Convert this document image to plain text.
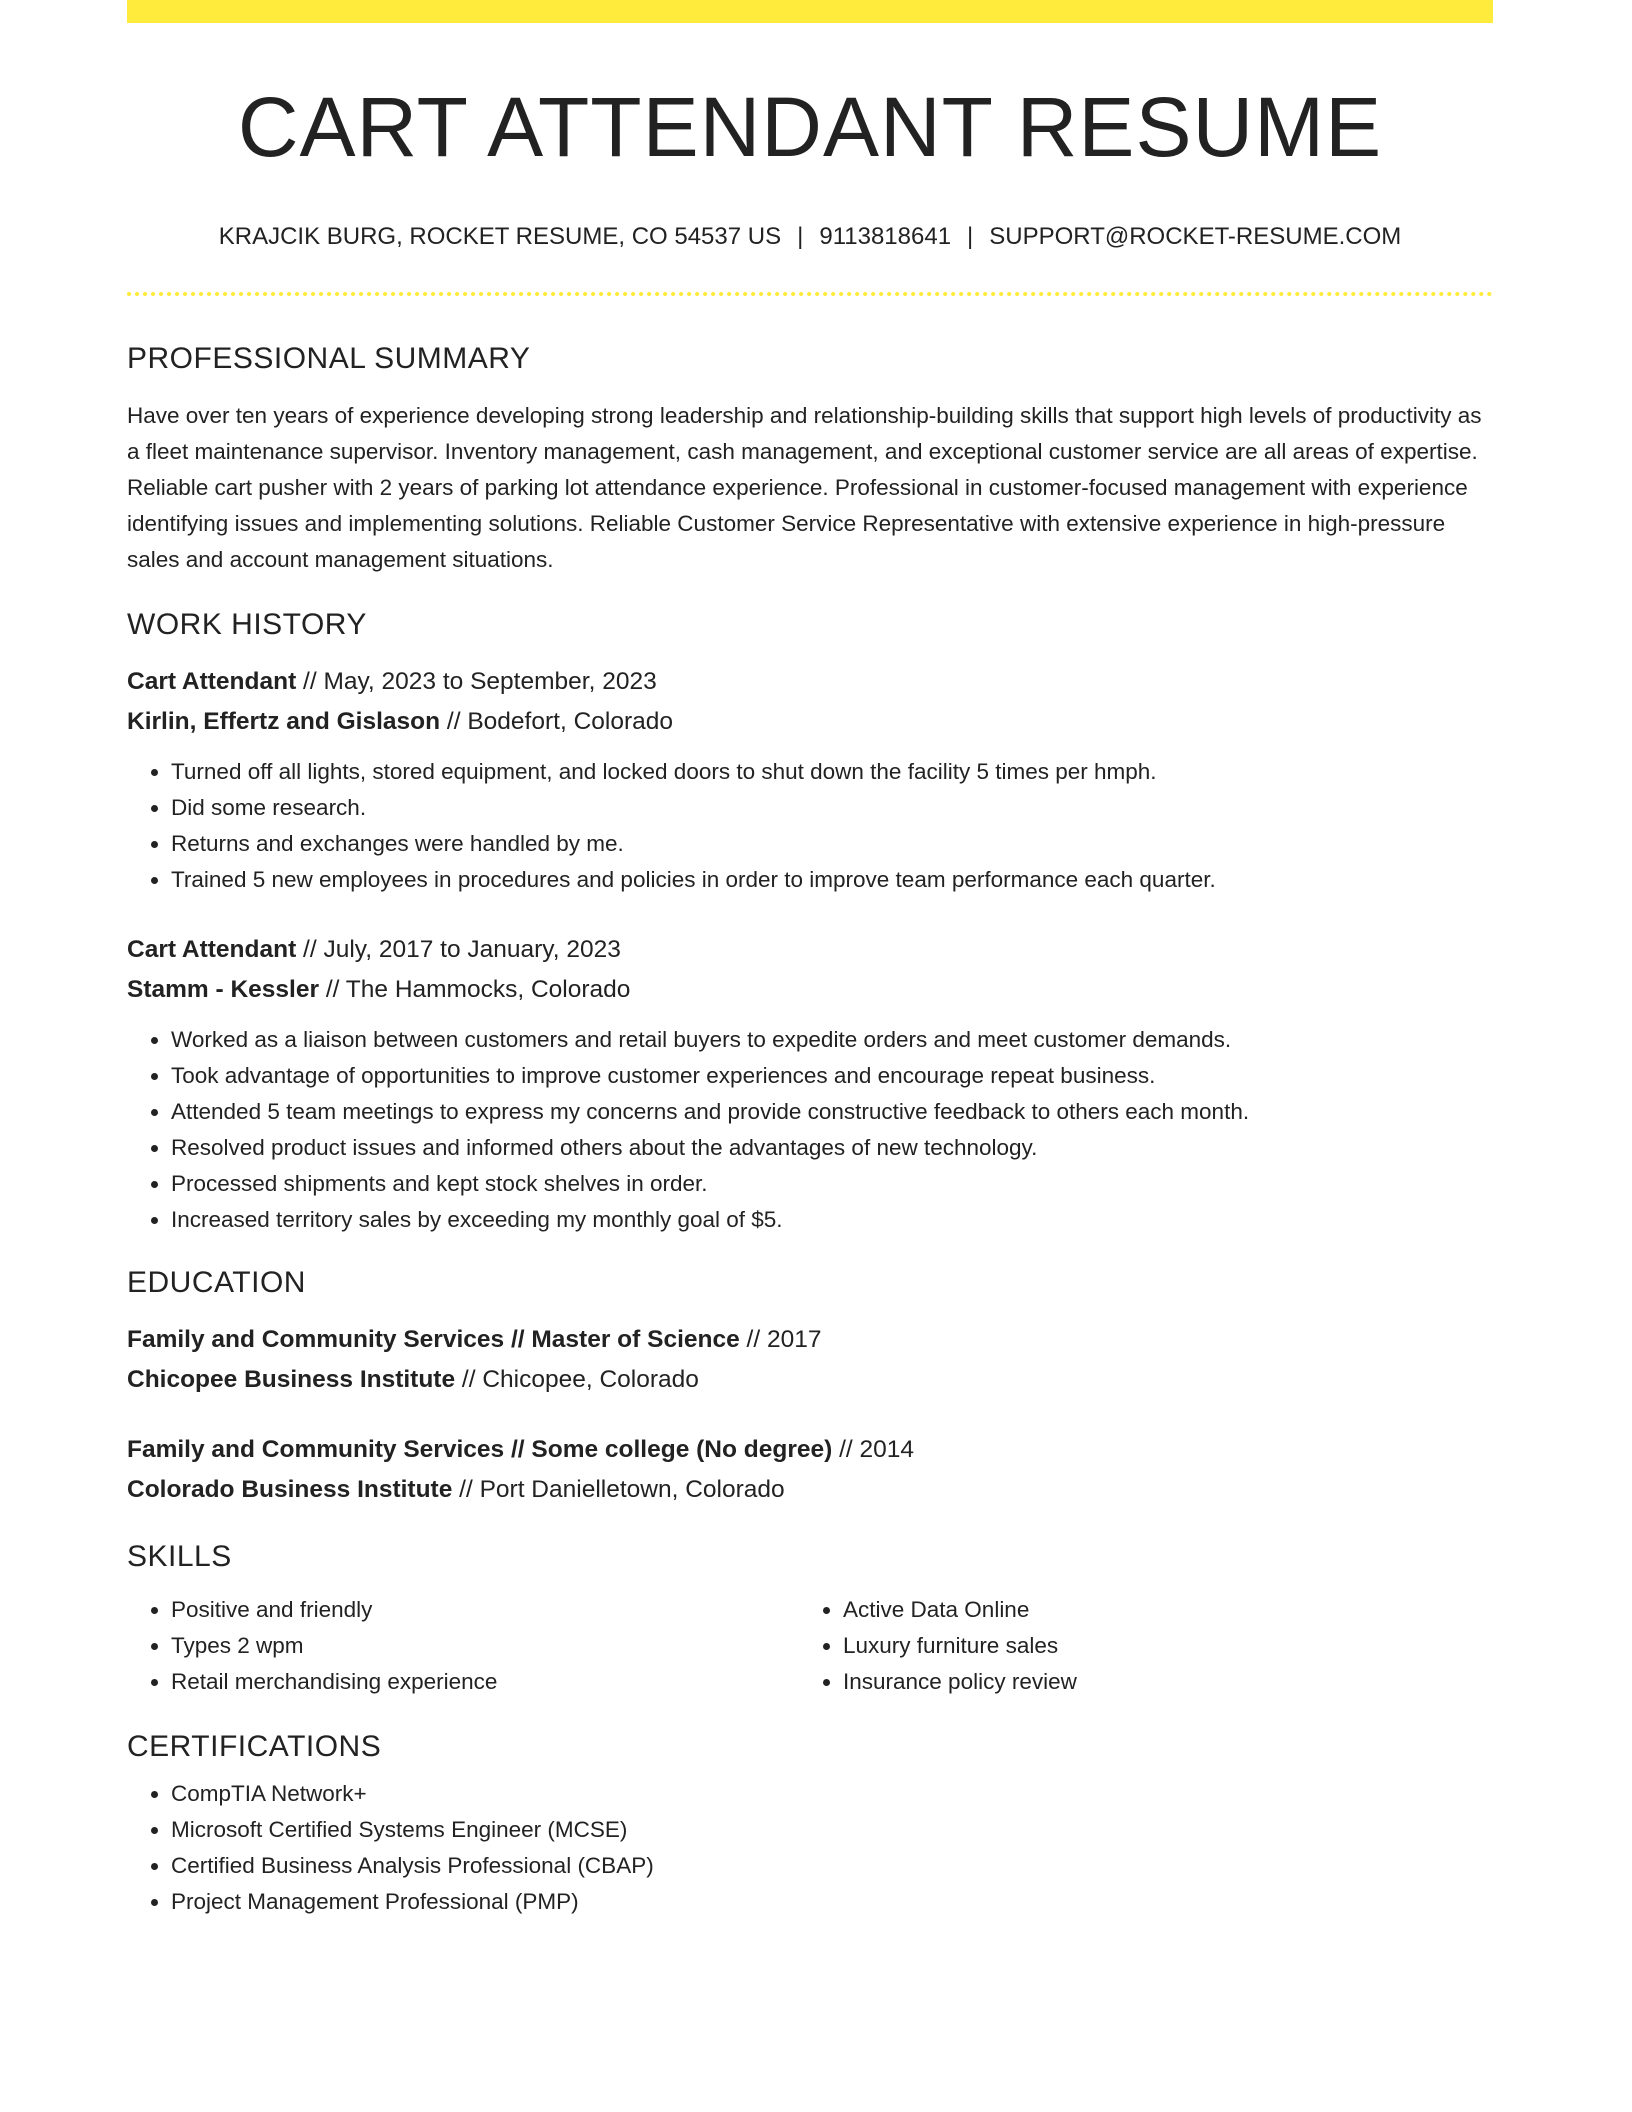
CART ATTENDANT RESUME
KRAJCIK BURG, ROCKET RESUME, CO 54537 US | 9113818641 | SUPPORT@ROCKET-RESUME.COM
PROFESSIONAL SUMMARY
Have over ten years of experience developing strong leadership and relationship-building skills that support high levels of productivity as a fleet maintenance supervisor. Inventory management, cash management, and exceptional customer service are all areas of expertise. Reliable cart pusher with 2 years of parking lot attendance experience. Professional in customer-focused management with experience identifying issues and implementing solutions. Reliable Customer Service Representative with extensive experience in high-pressure sales and account management situations.
WORK HISTORY
Cart Attendant // May, 2023 to September, 2023
Kirlin, Effertz and Gislason // Bodefort, Colorado
• Turned off all lights, stored equipment, and locked doors to shut down the facility 5 times per hmph.
• Did some research.
• Returns and exchanges were handled by me.
• Trained 5 new employees in procedures and policies in order to improve team performance each quarter.
Cart Attendant // July, 2017 to January, 2023
Stamm - Kessler // The Hammocks, Colorado
• Worked as a liaison between customers and retail buyers to expedite orders and meet customer demands.
• Took advantage of opportunities to improve customer experiences and encourage repeat business.
• Attended 5 team meetings to express my concerns and provide constructive feedback to others each month.
• Resolved product issues and informed others about the advantages of new technology.
• Processed shipments and kept stock shelves in order.
• Increased territory sales by exceeding my monthly goal of $5.
EDUCATION
Family and Community Services // Master of Science // 2017
Chicopee Business Institute // Chicopee, Colorado
Family and Community Services // Some college (No degree) // 2014
Colorado Business Institute // Port Danielletown, Colorado
SKILLS
• Positive and friendly
• Types 2 wpm
• Retail merchandising experience
• Active Data Online
• Luxury furniture sales
• Insurance policy review
CERTIFICATIONS
• CompTIA Network+
• Microsoft Certified Systems Engineer (MCSE)
• Certified Business Analysis Professional (CBAP)
• Project Management Professional (PMP)
